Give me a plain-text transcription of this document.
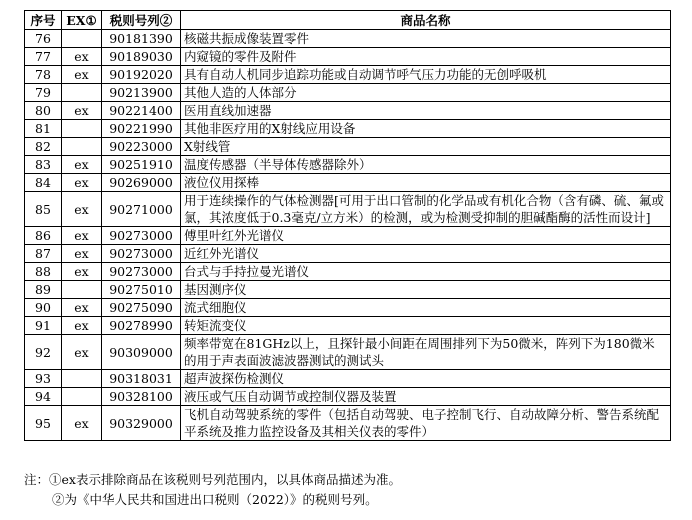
序号	EX①	税则号列②	商品名称
76		90181390	核磁共振成像装置零件
77	ex	90189030	内窥镜的零件及附件
78	ex	90192020	具有自动人机同步追踪功能或自动调节呼气压力功能的无创呼吸机
79		90213900	其他人造的人体部分
80	ex	90221400	医用直线加速器
81		90221990	其他非医疗用的X射线应用设备
82		90223000	X射线管
83	ex	90251910	温度传感器（半导体传感器除外）
84	ex	90269000	液位仪用探棒
85	ex	90271000	用于连续操作的气体检测器[可用于出口管制的化学品或有机化合物（含有磷、硫、氟或氯，其浓度低于0.3毫克/立方米）的检测，或为检测受抑制的胆碱酯酶的活性而设计]
86	ex	90273000	傅里叶红外光谱仪
87	ex	90273000	近红外光谱仪
88	ex	90273000	台式与手持拉曼光谱仪
89		90275010	基因测序仪
90	ex	90275090	流式细胞仪
91	ex	90278990	转矩流变仪
92	ex	90309000	频率带宽在81GHz以上，且探针最小间距在周围排列下为50微米，阵列下为180微米的用于声表面波滤波器测试的测试头
93		90318031	超声波探伤检测仪
94		90328100	液压或气压自动调节或控制仪器及装置
95	ex	90329000	飞机自动驾驶系统的零件（包括自动驾驶、电子控制飞行、自动故障分析、警告系统配平系统及推力监控设备及其相关仪表的零件）
注：①ex表示排除商品在该税则号列范围内，以具体商品描述为准。
②为《中华人民共和国进出口税则（2022）》的税则号列。
